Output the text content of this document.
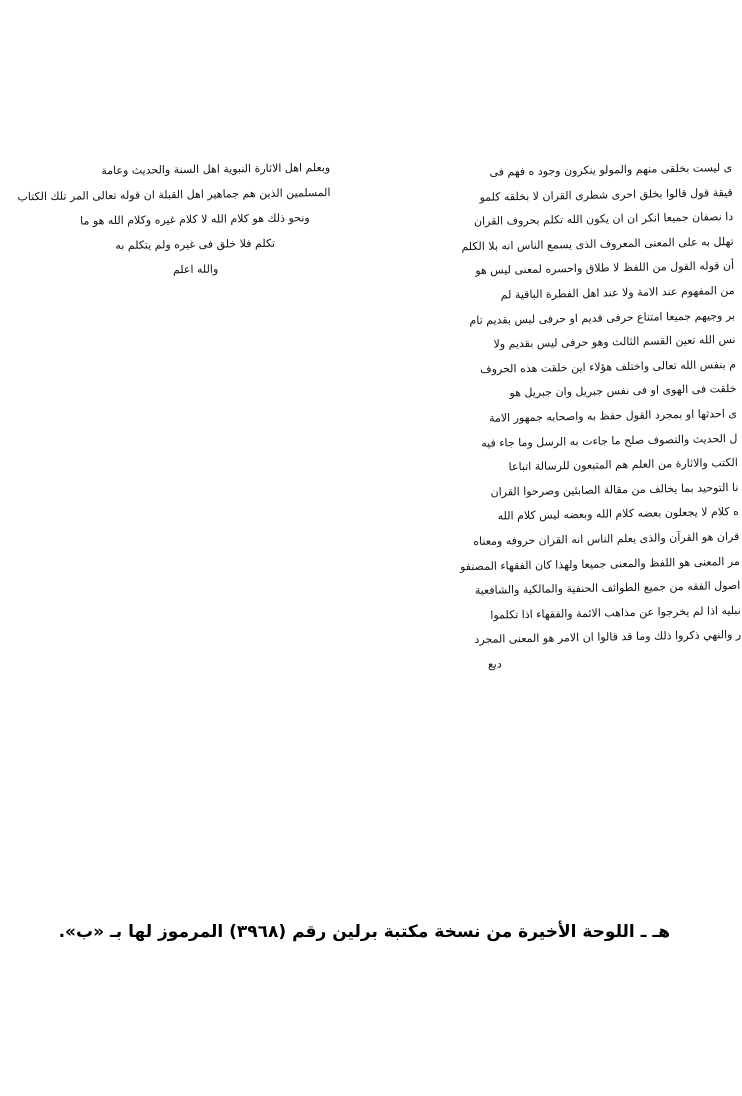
ى ليست بخلقى منهم والمولو ينكرون وجود ه فهم فى
قيقة قول قالوا بخلق احرى شطرى القران لا بخلقه كلمو
دا نصفان جميعا انكر ان ان يكون الله تكلم بحروف القران
تهلل به على المعنى المعروف الذى يسمع الناس انه بلا الكلم
أن قوله القول من اللفظ لا طلاق واحسره لمعنى ليس هو
من المفهوم عند الامة ولا عند اهل الفطرة الباقية لم
بر وجيهم جميعا امتناع حرفى قديم او حرفى ليس بقديم تام
نس الله تعين القسم الثالث وهو حرفى ليس بقديم ولا
م بنفس الله تعالى واختلف هؤلاء اين خلقت هذه الحروف
خلقت فى الهوى او فى نفس جبريل وان جبريل هو
ى احدثها او بمجرد القول حفظ به واصحابه جمهور الامة
ل الحديث والتصوف صلح ما جاءت به الرسل وما جاء فيه
الكتب والاثارة من العلم هم المتبعون للرسالة اتباعا
نا التوحيد بما يخالف من مقالة الصابئين وصرحوا القران
ه كلام لا يجعلون بعضه كلام الله وبعضه ليس كلام الله
قران هو القرآن والذى يعلم الناس انه القران حروفه ومعناه
مر المعنى هو اللفظ والمعنى جميعا ولهذا كان الفقهاء المصنفو
اصول الفقه من جميع الطوائف الحنفية والمالكية والشافعية
نبليه اذا لم يخرجوا عن مذاهب الائمة والفقهاء اذا تكلموا
ر والنهي ذكروا ذلك وما قد قالوا ان الامر هو المعنى المجرد
ديع
وبعلم اهل الاثارة النبوية اهل السنة والحديث وعامة
المسلمين الذين هم جماهير اهل القبلة ان قوله تعالى المر تلك الكتاب
ونحو ذلك هو كلام الله لا كلام غيره وكلام الله هو ما
تكلم فلا خلق فى غيره ولم يتكلم به
والله اعلم
هـ ـ اللوحة الأخيرة من نسخة مكتبة برلين رقم (٣٩٦٨) المرموز لها بـ «ب».
